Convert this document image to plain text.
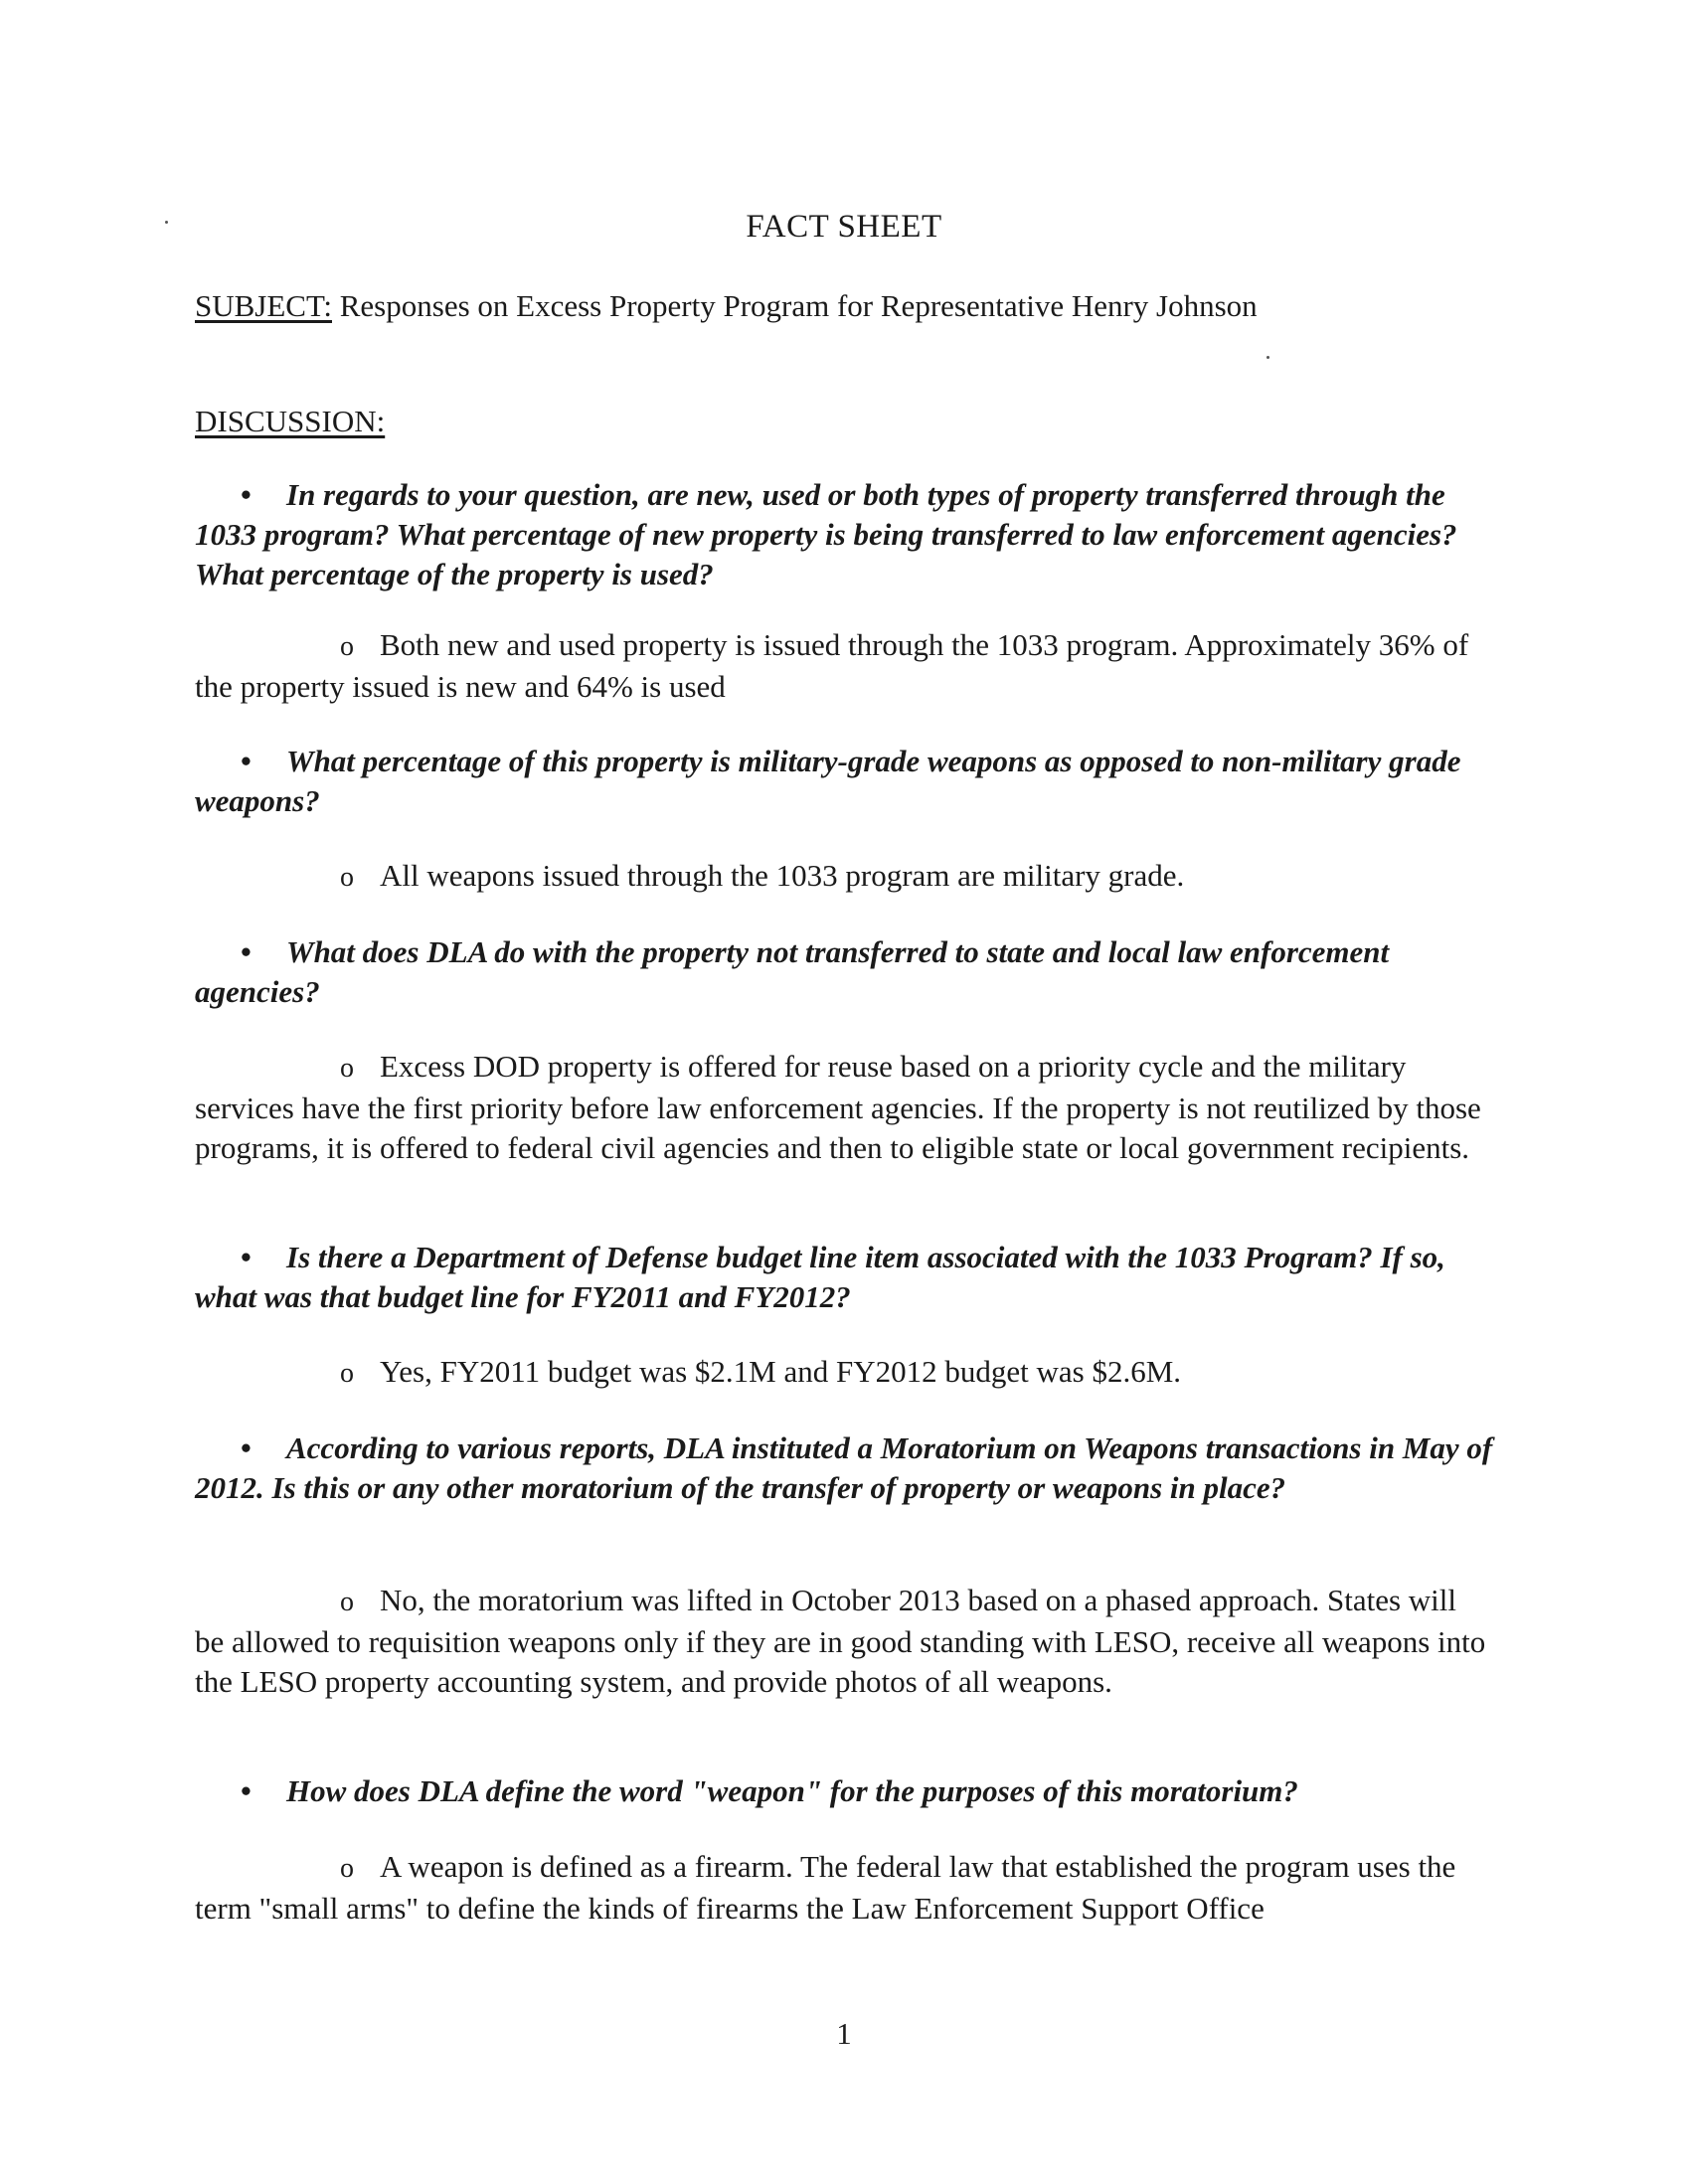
FACT SHEET
SUBJECT: Responses on Excess Property Program for Representative Henry Johnson
DISCUSSION:
• In regards to your question, are new, used or both types of property transferred through the 1033 program? What percentage of new property is being transferred to law enforcement agencies? What percentage of the property is used?
o Both new and used property is issued through the 1033 program. Approximately 36% of the property issued is new and 64% is used
• What percentage of this property is military-grade weapons as opposed to non-military grade weapons?
o All weapons issued through the 1033 program are military grade.
• What does DLA do with the property not transferred to state and local law enforcement agencies?
o Excess DOD property is offered for reuse based on a priority cycle and the military services have the first priority before law enforcement agencies. If the property is not reutilized by those programs, it is offered to federal civil agencies and then to eligible state or local government recipients.
• Is there a Department of Defense budget line item associated with the 1033 Program? If so, what was that budget line for FY2011 and FY2012?
o Yes, FY2011 budget was $2.1M and FY2012 budget was $2.6M.
• According to various reports, DLA instituted a Moratorium on Weapons transactions in May of 2012. Is this or any other moratorium of the transfer of property or weapons in place?
o No, the moratorium was lifted in October 2013 based on a phased approach. States will be allowed to requisition weapons only if they are in good standing with LESO, receive all weapons into the LESO property accounting system, and provide photos of all weapons.
• How does DLA define the word "weapon" for the purposes of this moratorium?
o A weapon is defined as a firearm. The federal law that established the program uses the term "small arms" to define the kinds of firearms the Law Enforcement Support Office
1
